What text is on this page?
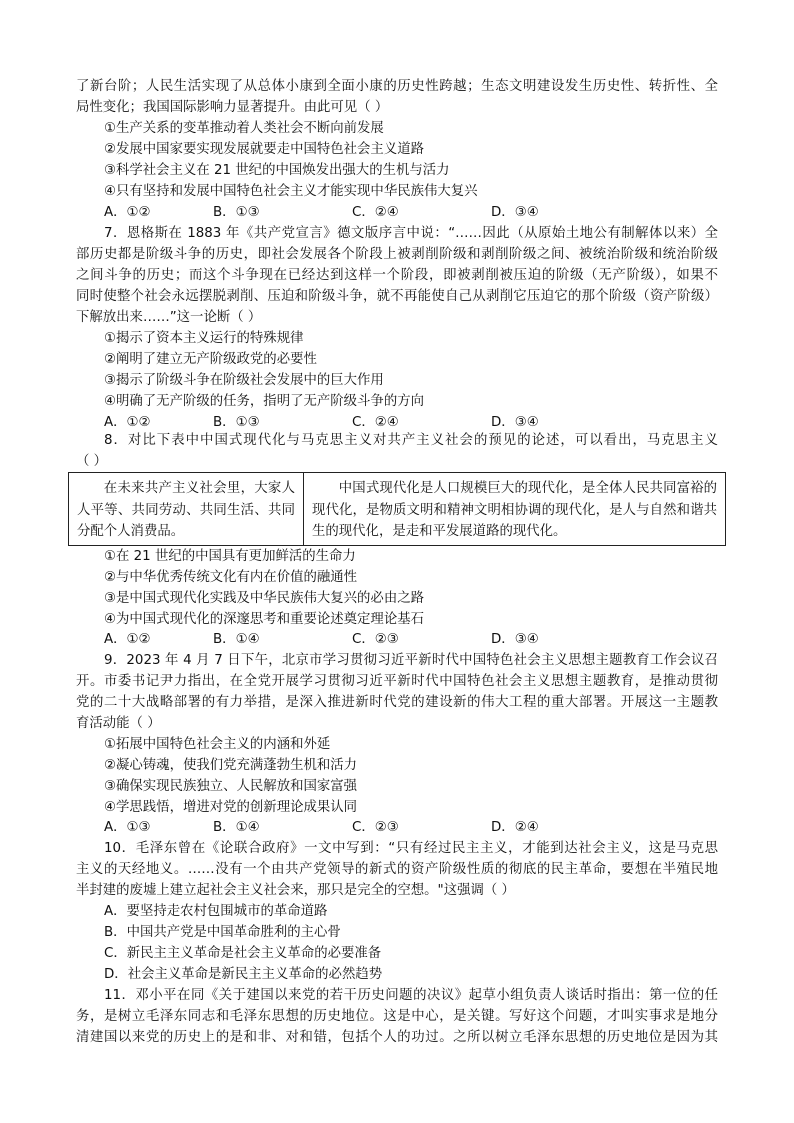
了新台阶；人民生活实现了从总体小康到全面小康的历史性跨越；生态文明建设发生历史性、转折性、全
局性变化；我国国际影响力显著提升。由此可见（ ）
①生产关系的变革推动着人类社会不断向前发展
②发展中国家要实现发展就要走中国特色社会主义道路
③科学社会主义在 21 世纪的中国焕发出强大的生机与活力
④只有坚持和发展中国特色社会主义才能实现中华民族伟大复兴
A．①②	B．①③	C．②④	D．③④
7．恩格斯在 1883 年《共产党宣言》德文版序言中说：“……因此（从原始土地公有制解体以来）全
部历史都是阶级斗争的历史，即社会发展各个阶段上被剥削阶级和剥削阶级之间、被统治阶级和统治阶级
之间斗争的历史；而这个斗争现在已经达到这样一个阶段，即被剥削被压迫的阶级（无产阶级），如果不
同时使整个社会永远摆脱剥削、压迫和阶级斗争，就不再能使自己从剥削它压迫它的那个阶级（资产阶级）
下解放出来……”这一论断（ ）
①揭示了资本主义运行的特殊规律
②阐明了建立无产阶级政党的必要性
③揭示了阶级斗争在阶级社会发展中的巨大作用
④明确了无产阶级的任务，指明了无产阶级斗争的方向
A．①②	B．①③	C．②④	D．③④
8．对比下表中中国式现代化与马克思主义对共产主义社会的预见的论述，可以看出，马克思主义
（ ）
在未来共产主义社会里，大家人人平等、共同劳动、共同生活、共同分配个人消费品。

中国式现代化是人口规模巨大的现代化，是全体人民共同富裕的现代化，是物质文明和精神文明相协调的现代化，是人与自然和谐共生的现代化，是走和平发展道路的现代化。
①在 21 世纪的中国具有更加鲜活的生命力
②与中华优秀传统文化有内在价值的融通性
③是中国式现代化实践及中华民族伟大复兴的必由之路
④为中国式现代化的深邃思考和重要论述奠定理论基石
A．①②	B．①④	C．②③	D．③④
9．2023 年 4 月 7 日下午，北京市学习贯彻习近平新时代中国特色社会主义思想主题教育工作会议召
开。市委书记尹力指出，在全党开展学习贯彻习近平新时代中国特色社会主义思想主题教育，是推动贯彻
党的二十大战略部署的有力举措，是深入推进新时代党的建设新的伟大工程的重大部署。开展这一主题教
育活动能（ ）
①拓展中国特色社会主义的内涵和外延
②凝心铸魂，使我们党充满蓬勃生机和活力
③确保实现民族独立、人民解放和国家富强
④学思践悟，增进对党的创新理论成果认同
A．①③	B．①④	C．②③	D．②④
10．毛泽东曾在《论联合政府》一文中写到：“只有经过民主主义，才能到达社会主义，这是马克思
主义的天经地义。……没有一个由共产党领导的新式的资产阶级性质的彻底的民主革命，要想在半殖民地
半封建的废墟上建立起社会主义社会来，那只是完全的空想。"这强调（ ）
A．要坚持走农村包围城市的革命道路
B．中国共产党是中国革命胜利的主心骨
C．新民主主义革命是社会主义革命的必要准备
D．社会主义革命是新民主主义革命的必然趋势
11．邓小平在同《关于建国以来党的若干历史问题的决议》起草小组负责人谈话时指出：第一位的任
务，是树立毛泽东同志和毛泽东思想的历史地位。这是中心，是关键。写好这个问题，才叫实事求是地分
清建国以来党的历史上的是和非、对和错，包括个人的功过。之所以树立毛泽东思想的历史地位是因为其
